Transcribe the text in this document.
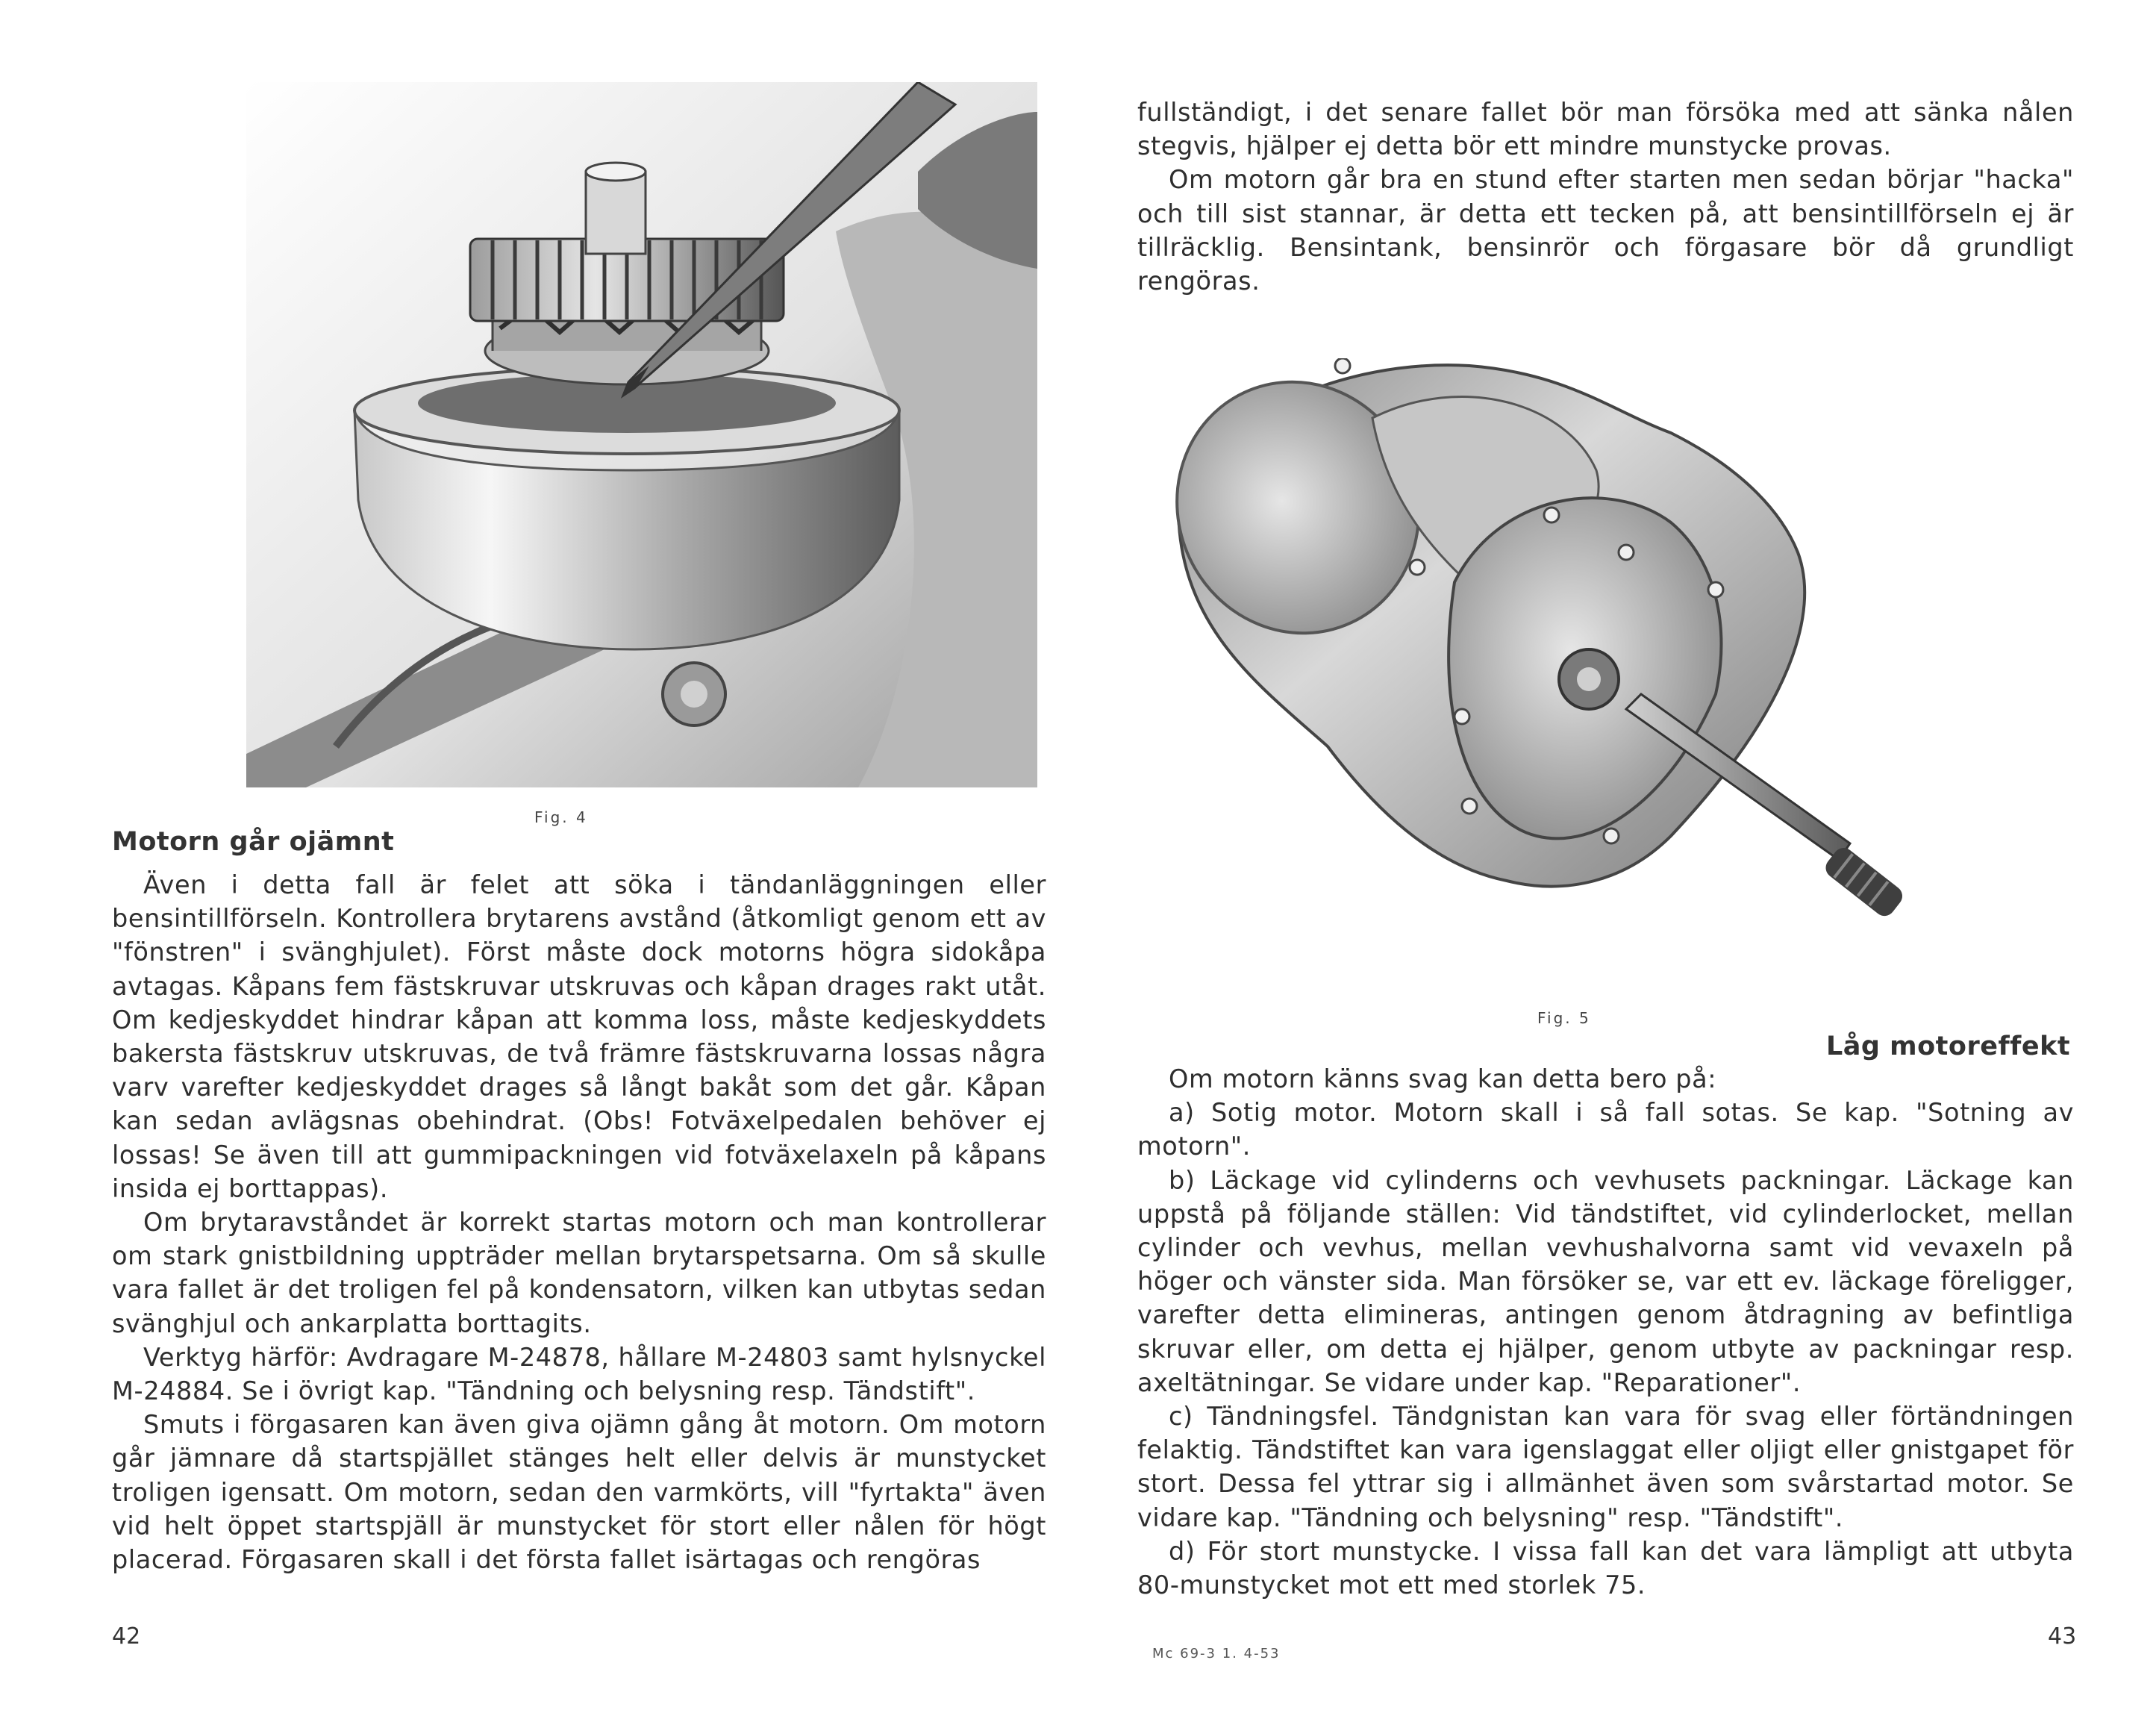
Fig. 4
Motorn går ojämnt

Även i detta fall är felet att söka i tändanläggningen eller bensintillförseln. Kontrollera brytarens avstånd (åtkomligt genom ett av "fönstren" i svänghjulet). Först måste dock motorns högra sidokåpa avtagas. Kåpans fem fästskruvar utskruvas och kåpan drages rakt utåt. Om kedjeskyddet hindrar kåpan att komma loss, måste kedjeskyddets bakersta fästskruv utskruvas, de två främre fästskruvarna lossas några varv varefter kedjeskyddet drages så långt bakåt som det går. Kåpan kan sedan avlägsnas obehindrat. (Obs! Fotväxelpedalen behöver ej lossas! Se även till att gummipackningen vid fotväxelaxeln på kåpans insida ej borttappas).

Om brytaravståndet är korrekt startas motorn och man kontrollerar om stark gnistbildning uppträder mellan brytarspetsarna. Om så skulle vara fallet är det troligen fel på kondensatorn, vilken kan utbytas sedan svänghjul och ankarplatta borttagits.

Verktyg härför: Avdragare M-24878, hållare M-24803 samt hylsnyckel M-24884. Se i övrigt kap. "Tändning och belysning resp. Tändstift".

Smuts i förgasaren kan även giva ojämn gång åt motorn. Om motorn går jämnare då startspjället stänges helt eller delvis är munstycket troligen igensatt. Om motorn, sedan den varmkörts, vill "fyrtakta" även vid helt öppet startspjäll är munstycket för stort eller nålen för högt placerad. Förgasaren skall i det första fallet isärtagas och rengöras

42

fullständigt, i det senare fallet bör man försöka med att sänka nålen stegvis, hjälper ej detta bör ett mindre munstycke provas.

Om motorn går bra en stund efter starten men sedan börjar "hacka" och till sist stannar, är detta ett tecken på, att bensintillförseln ej är tillräcklig. Bensintank, bensinrör och förgasare bör då grundligt rengöras.

Fig. 5
Låg motoreffekt

Om motorn känns svag kan detta bero på:

a) Sotig motor. Motorn skall i så fall sotas. Se kap. "Sotning av motorn".

b) Läckage vid cylinderns och vevhusets packningar. Läckage kan uppstå på följande ställen: Vid tändstiftet, vid cylinderlocket, mellan cylinder och vevhus, mellan vevhushalvorna samt vid vevaxeln på höger och vänster sida. Man försöker se, var ett ev. läckage föreligger, varefter detta elimineras, antingen genom åtdragning av befintliga skruvar eller, om detta ej hjälper, genom utbyte av packningar resp. axeltätningar. Se vidare under kap. "Reparationer".

c) Tändningsfel. Tändgnistan kan vara för svag eller förtändningen felaktig. Tändstiftet kan vara igenslaggat eller oljigt eller gnistgapet för stort. Dessa fel yttrar sig i allmänhet även som svårstartad motor. Se vidare kap. "Tändning och belysning" resp. "Tändstift".

d) För stort munstycke. I vissa fall kan det vara lämpligt att utbyta 80-munstycket mot ett med storlek 75.

Mc 69-3 1. 4-53
43
